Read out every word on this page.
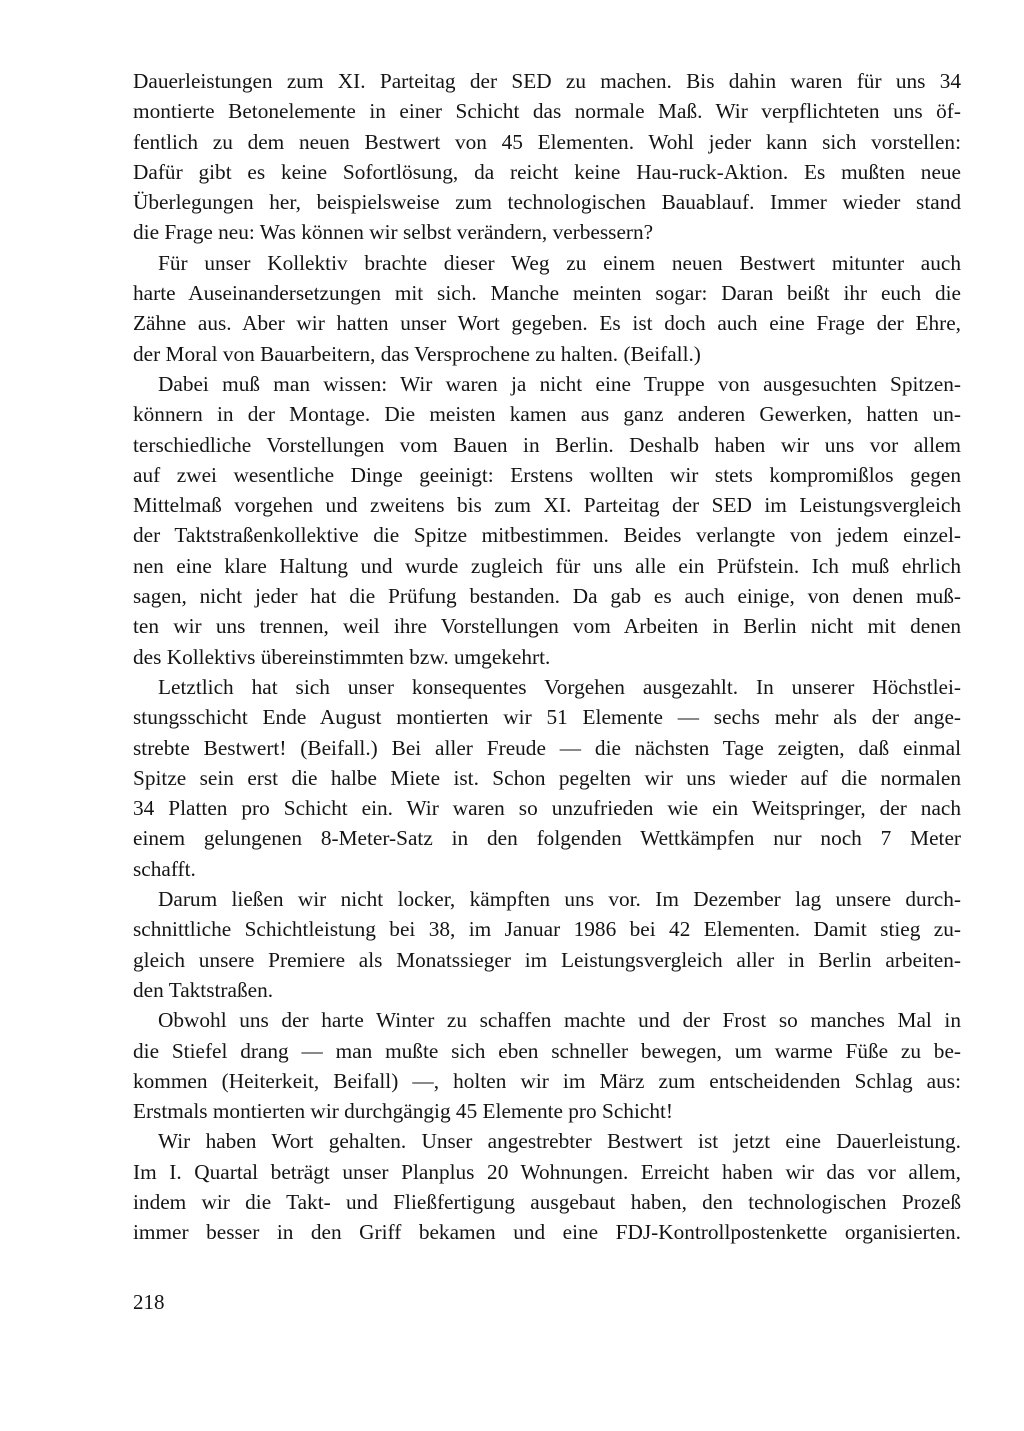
Dauerleistungen zum XI. Parteitag der SED zu machen. Bis dahin waren für uns 34
montierte Betonelemente in einer Schicht das normale Maß. Wir verpflichteten uns öf-
fentlich zu dem neuen Bestwert von 45 Elementen. Wohl jeder kann sich vorstellen:
Dafür gibt es keine Sofortlösung, da reicht keine Hau-ruck-Aktion. Es mußten neue
Überlegungen her, beispielsweise zum technologischen Bauablauf. Immer wieder stand
die Frage neu: Was können wir selbst verändern, verbessern?
Für unser Kollektiv brachte dieser Weg zu einem neuen Bestwert mitunter auch
harte Auseinandersetzungen mit sich. Manche meinten sogar: Daran beißt ihr euch die
Zähne aus. Aber wir hatten unser Wort gegeben. Es ist doch auch eine Frage der Ehre,
der Moral von Bauarbeitern, das Versprochene zu halten. (Beifall.)
Dabei muß man wissen: Wir waren ja nicht eine Truppe von ausgesuchten Spitzen-
könnern in der Montage. Die meisten kamen aus ganz anderen Gewerken, hatten un-
terschiedliche Vorstellungen vom Bauen in Berlin. Deshalb haben wir uns vor allem
auf zwei wesentliche Dinge geeinigt: Erstens wollten wir stets kompromißlos gegen
Mittelmaß vorgehen und zweitens bis zum XI. Parteitag der SED im Leistungsvergleich
der Taktstraßenkollektive die Spitze mitbestimmen. Beides verlangte von jedem einzel-
nen eine klare Haltung und wurde zugleich für uns alle ein Prüfstein. Ich muß ehrlich
sagen, nicht jeder hat die Prüfung bestanden. Da gab es auch einige, von denen muß-
ten wir uns trennen, weil ihre Vorstellungen vom Arbeiten in Berlin nicht mit denen
des Kollektivs übereinstimmten bzw. umgekehrt.
Letztlich hat sich unser konsequentes Vorgehen ausgezahlt. In unserer Höchstlei-
stungsschicht Ende August montierten wir 51 Elemente — sechs mehr als der ange-
strebte Bestwert! (Beifall.) Bei aller Freude — die nächsten Tage zeigten, daß einmal
Spitze sein erst die halbe Miete ist. Schon pegelten wir uns wieder auf die normalen
34 Platten pro Schicht ein. Wir waren so unzufrieden wie ein Weitspringer, der nach
einem gelungenen 8-Meter-Satz in den folgenden Wettkämpfen nur noch 7 Meter
schafft.
Darum ließen wir nicht locker, kämpften uns vor. Im Dezember lag unsere durch-
schnittliche Schichtleistung bei 38, im Januar 1986 bei 42 Elementen. Damit stieg zu-
gleich unsere Premiere als Monatssieger im Leistungsvergleich aller in Berlin arbeiten-
den Taktstraßen.
Obwohl uns der harte Winter zu schaffen machte und der Frost so manches Mal in
die Stiefel drang — man mußte sich eben schneller bewegen, um warme Füße zu be-
kommen (Heiterkeit, Beifall) —, holten wir im März zum entscheidenden Schlag aus:
Erstmals montierten wir durchgängig 45 Elemente pro Schicht!
Wir haben Wort gehalten. Unser angestrebter Bestwert ist jetzt eine Dauerleistung.
Im I. Quartal beträgt unser Planplus 20 Wohnungen. Erreicht haben wir das vor allem,
indem wir die Takt- und Fließfertigung ausgebaut haben, den technologischen Prozeß
immer besser in den Griff bekamen und eine FDJ-Kontrollpostenkette organisierten.
218
